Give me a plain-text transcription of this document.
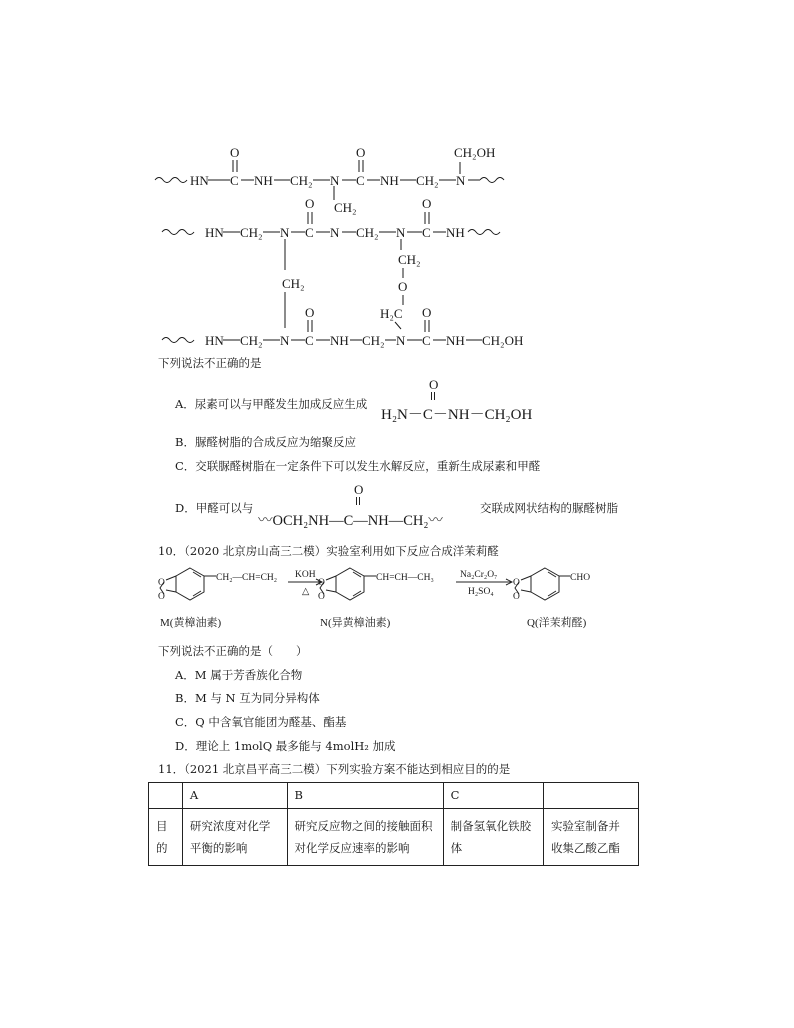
HN C
O
NH CH₂ N
CH₂
C
O
NH CH₂ N
CH₂OH
HN CH₂ N C
O
N CH₂ N C
O
NH
CH₂
CH₂
O
H₂C
HN CH₂ N C
O
NH CH₂ N C
O
NH CH₂OH
下列说法不正确的是
A．尿素可以与甲醛发生加成反应生成
O
H₂N－C－NH－CH₂OH
B．脲醛树脂的合成反应为缩聚反应
C．交联脲醛树脂在一定条件下可以发生水解反应，重新生成尿素和甲醛
D．甲醛可以与
O
〰OCH₂NH—C—NH—CH₂〰
交联成网状结构的脲醛树脂
10．（2020 北京房山高三二模）实验室利用如下反应合成洋茉莉醛
O
O
O
O
O
O
CH₂—CH=CH₂ KOH
△
CH=CH—CH₃	Na₂Cr₂O₇
H₂SO₄
CHO
M(黄樟油素)	N(异黄樟油素)	Q(洋茉莉醛)
下列说法不正确的是（　　）
A．M 属于芳香族化合物
B．M 与 N 互为同分异构体
C．Q 中含氧官能团为醛基、酯基
D．理论上 1molQ 最多能与 4molH₂ 加成
11．（2021 北京昌平高三二模）下列实验方案不能达到相应目的的是
	A	B	C	
目的	研究浓度对化学平衡的影响	研究反应物之间的接触面积对化学反应速率的影响	制备氢氧化铁胶体	实验室制备并收集乙酸乙酯
